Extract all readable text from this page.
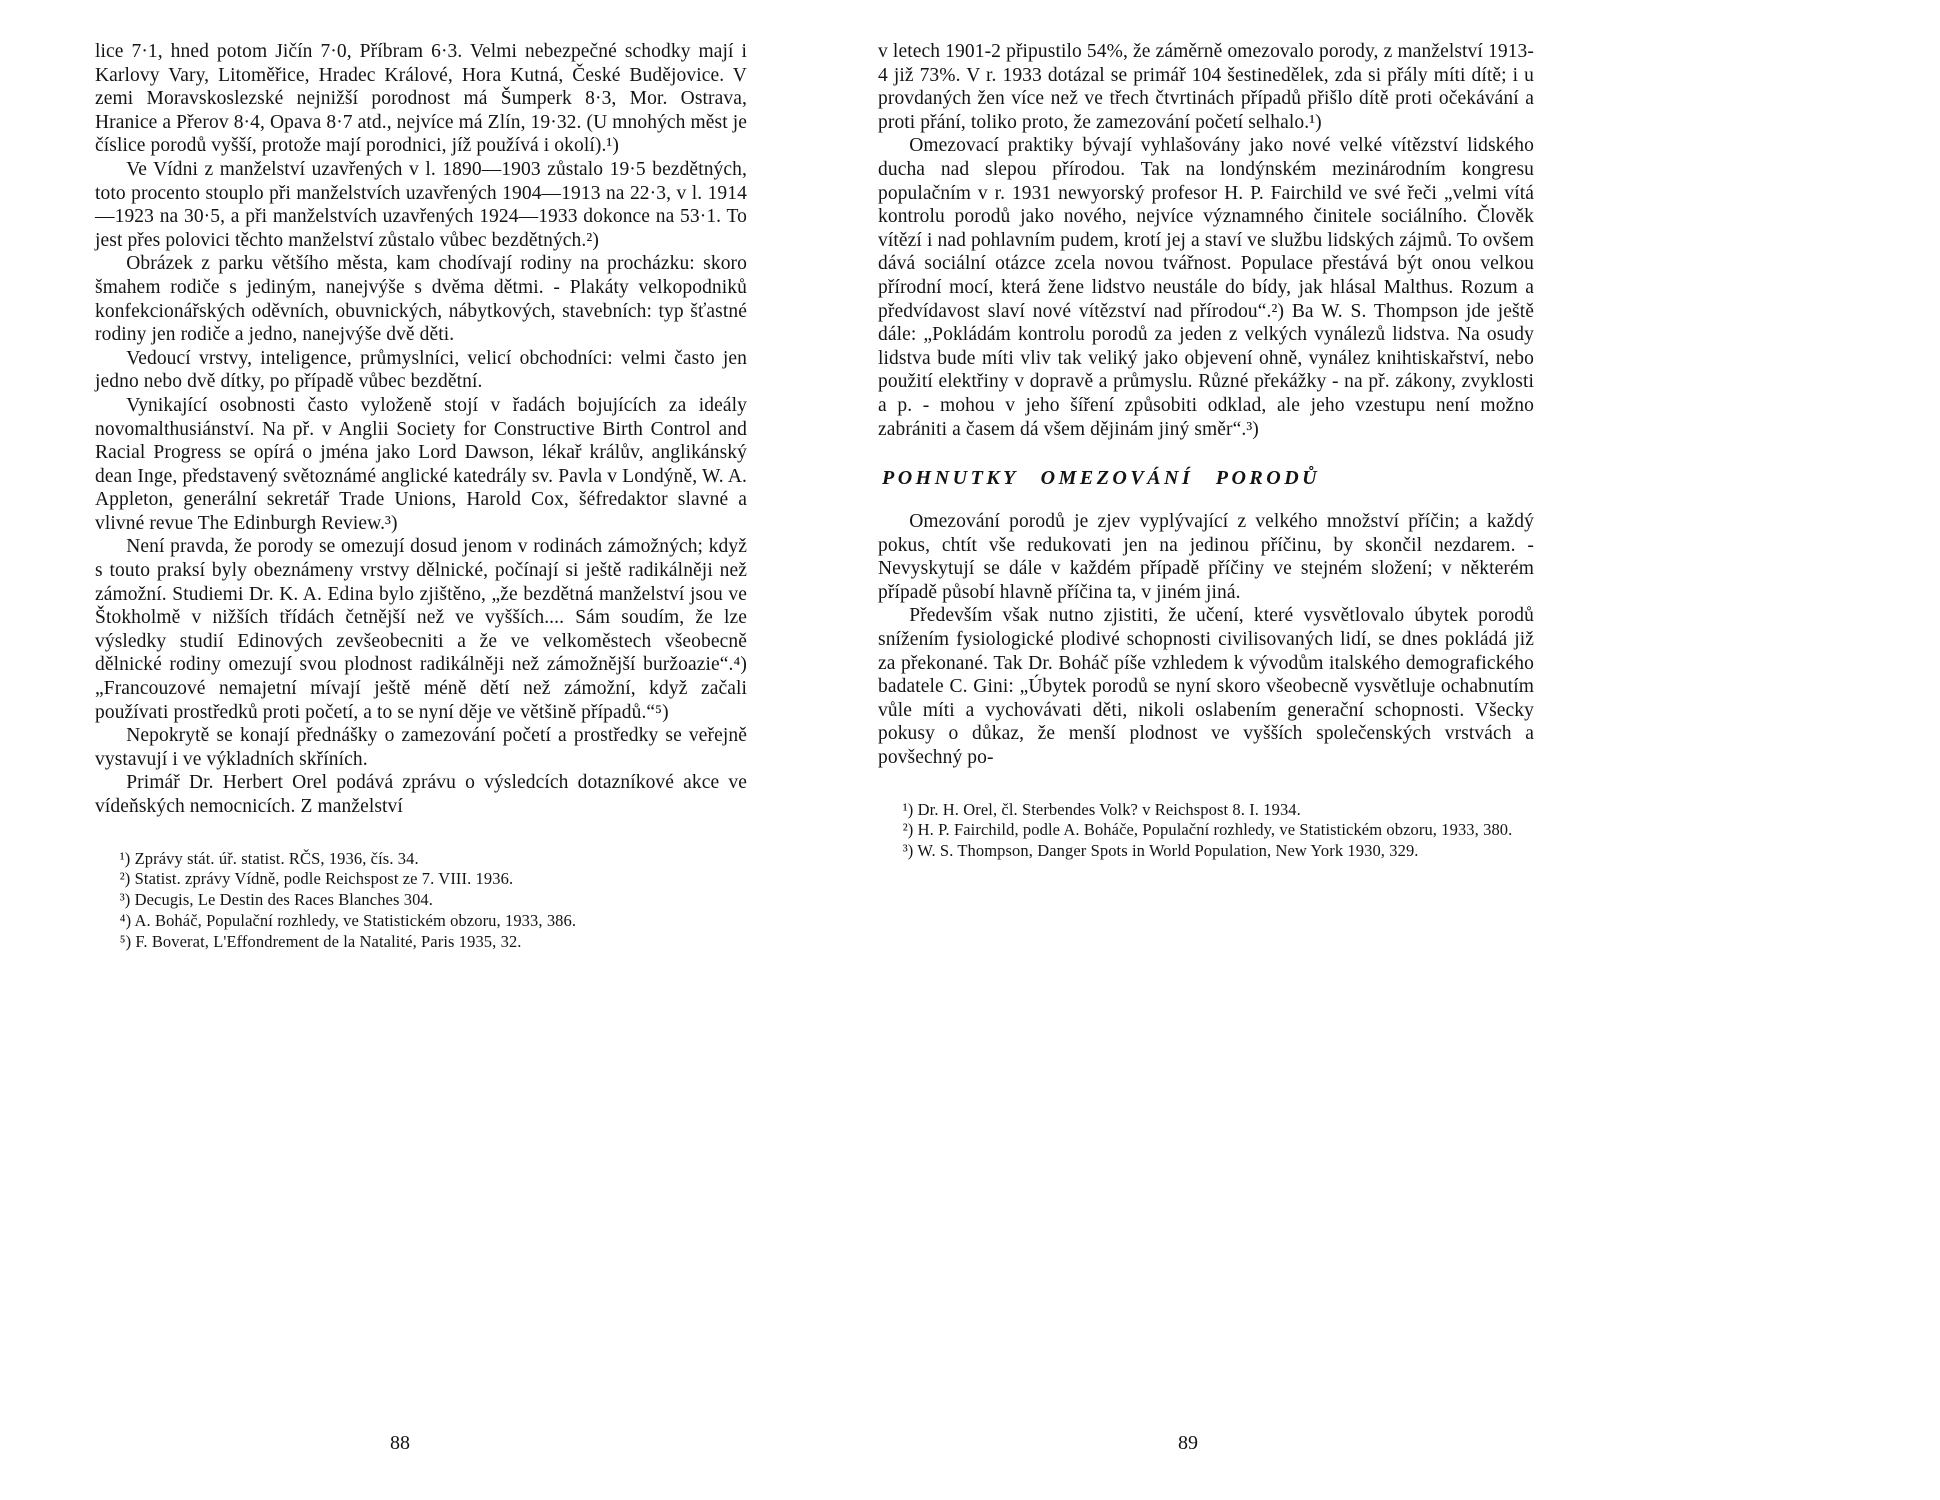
lice 7·1, hned potom Jičín 7·0, Příbram 6·3. Velmi nebezpečné schodky mají i Karlovy Vary, Litoměřice, Hradec Králové, Hora Kutná, České Budějovice. V zemi Moravskoslezské nejnižší porodnost má Šumperk 8·3, Mor. Ostrava, Hranice a Přerov 8·4, Opava 8·7 atd., nejvíce má Zlín, 19·32. (U mnohých měst je číslice porodů vyšší, protože mají porodnici, jíž používá i okolí).¹)

Ve Vídni z manželství uzavřených v l. 1890—1903 zůstalo 19·5 bezdětných, toto procento stouplo při manželstvích uzavřených 1904—1913 na 22·3, v l. 1914—1923 na 30·5, a při manželstvích uzavřených 1924—1933 dokonce na 53·1. To jest přes polovici těchto manželství zůstalo vůbec bezdětných.²)

Obrázek z parku většího města, kam chodívají rodiny na procházku: skoro šmahem rodiče s jediným, nanejvýše s dvěma dětmi. - Plakáty velkopodniků konfekcionářských oděvních, obuvnických, nábytkových, stavebních: typ šťastné rodiny jen rodiče a jedno, nanejvýše dvě děti.

Vedoucí vrstvy, inteligence, průmyslníci, velicí obchodníci: velmi často jen jedno nebo dvě dítky, po případě vůbec bezdětní.

Vynikající osobnosti často vyloženě stojí v řadách bojujících za ideály novomalthusiánství. Na př. v Anglii Society for Constructive Birth Control and Racial Progress se opírá o jména jako Lord Dawson, lékař králův, anglikánský dean Inge, představený světoznámé anglické katedrály sv. Pavla v Londýně, W. A. Appleton, generální sekretář Trade Unions, Harold Cox, šéfredaktor slavné a vlivné revue The Edinburgh Review.³)

Není pravda, že porody se omezují dosud jenom v rodinách zámožných; když s touto praksí byly obeznámeny vrstvy dělnické, počínají si ještě radikálněji než zámožní. Studiemi Dr. K. A. Edina bylo zjištěno, „že bezdětná manželství jsou ve Štokholmě v nižších třídách četnější než ve vyšších.... Sám soudím, že lze výsledky studií Edinových zevšeobecniti a že ve velkoměstech všeobecně dělnické rodiny omezují svou plodnost radikálněji než zámožnější buržoazie“.⁴) „Francouzové nemajetní mívají ještě méně dětí než zámožní, když začali používati prostředků proti početí, a to se nyní děje ve většině případů.“⁵)

Nepokrytě se konají přednášky o zamezování početí a prostředky se veřejně vystavují i ve výkladních skříních.

Primář Dr. Herbert Orel podává zprávu o výsledcích dotazníkové akce ve vídeňských nemocnicích. Z manželství

¹) Zprávy stát. úř. statist. RČS, 1936, čís. 34.

²) Statist. zprávy Vídně, podle Reichspost ze 7. VIII. 1936.

³) Decugis, Le Destin des Races Blanches 304.

⁴) A. Boháč, Populační rozhledy, ve Statistickém obzoru, 1933, 386.

⁵) F. Boverat, L'Effondrement de la Natalité, Paris 1935, 32.

v letech 1901-2 připustilo 54%, že záměrně omezovalo porody, z manželství 1913-4 již 73%. V r. 1933 dotázal se primář 104 šestinedělek, zda si přály míti dítě; i u provdaných žen více než ve třech čtvrtinách případů přišlo dítě proti očekávání a proti přání, toliko proto, že zamezování početí selhalo.¹)

Omezovací praktiky bývají vyhlašovány jako nové velké vítězství lidského ducha nad slepou přírodou. Tak na londýnském mezinárodním kongresu populačním v r. 1931 newyorský profesor H. P. Fairchild ve své řeči „velmi vítá kontrolu porodů jako nového, nejvíce významného činitele sociálního. Člověk vítězí i nad pohlavním pudem, krotí jej a staví ve službu lidských zájmů. To ovšem dává sociální otázce zcela novou tvářnost. Populace přestává být onou velkou přírodní mocí, která žene lidstvo neustále do bídy, jak hlásal Malthus. Rozum a předvídavost slaví nové vítězství nad přírodou“.²) Ba W. S. Thompson jde ještě dále: „Pokládám kontrolu porodů za jeden z velkých vynálezů lidstva. Na osudy lidstva bude míti vliv tak veliký jako objevení ohně, vynález knihtiskařství, nebo použití elektřiny v dopravě a průmyslu. Různé překážky - na př. zákony, zvyklosti a p. - mohou v jeho šíření způsobiti odklad, ale jeho vzestupu není možno zabrániti a časem dá všem dějinám jiný směr“.³)

POHNUTKY OMEZOVÁNÍ PORODŮ

Omezování porodů je zjev vyplývající z velkého množství příčin; a každý pokus, chtít vše redukovati jen na jedinou příčinu, by skončil nezdarem. - Nevyskytují se dále v každém případě příčiny ve stejném složení; v některém případě působí hlavně příčina ta, v jiném jiná.

Především však nutno zjistiti, že učení, které vysvětlovalo úbytek porodů snížením fysiologické plodivé schopnosti civilisovaných lidí, se dnes pokládá již za překonané. Tak Dr. Boháč píše vzhledem k vývodům italského demografického badatele C. Gini: „Úbytek porodů se nyní skoro všeobecně vysvětluje ochabnutím vůle míti a vychovávati děti, nikoli oslabením generační schopnosti. Všecky pokusy o důkaz, že menší plodnost ve vyšších společenských vrstvách a povšechný po-

¹) Dr. H. Orel, čl. Sterbendes Volk? v Reichspost 8. I. 1934.

²) H. P. Fairchild, podle A. Boháče, Populační rozhledy, ve Statistickém obzoru, 1933, 380.

³) W. S. Thompson, Danger Spots in World Population, New York 1930, 329.

88	89
